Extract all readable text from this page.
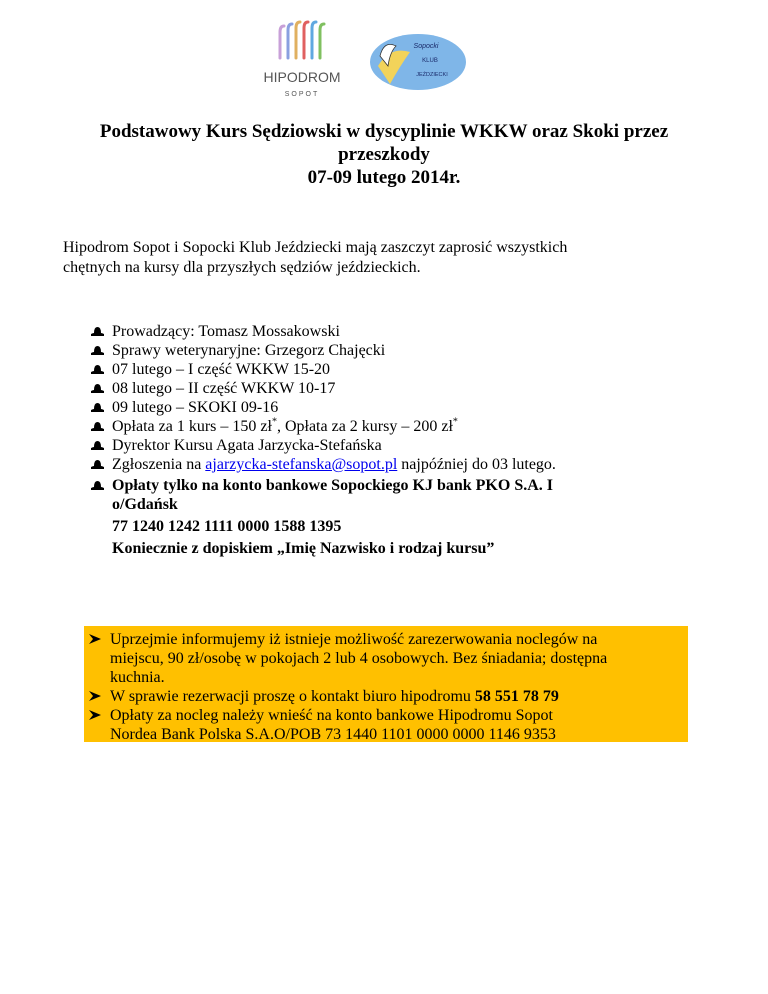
HIPODROM
SOPOT
Sopocki
KLUB
JEŹDZIECKI
Podstawowy Kurs Sędziowski w dyscyplinie WKKW oraz Skoki przez
przeszkody
07-09 lutego 2014r.

Hipodrom Sopot i Sopocki Klub Jeździecki mają zaszczyt zaprosić wszystkich
chętnych na kursy dla przyszłych sędziów jeździeckich.

Prowadzący: Tomasz Mossakowski
Sprawy weterynaryjne: Grzegorz Chajęcki
07 lutego – I część WKKW 15-20
08 lutego – II część WKKW 10-17
09 lutego – SKOKI 09-16
Opłata za 1 kurs – 150 zł*, Opłata za 2 kursy – 200 zł*
Dyrektor Kursu Agata Jarzycka-Stefańska
Zgłoszenia na ajarzycka-stefanska@sopot.pl najpóźniej do 03 lutego.
Opłaty tylko na konto bankowe Sopockiego KJ bank PKO S.A. I
o/Gdańsk
77 1240 1242 1111 0000 1588 1395
Koniecznie z dopiskiem „Imię Nazwisko i rodzaj kursu”
Uprzejmie informujemy iż istnieje możliwość zarezerwowania noclegów na
miejscu, 90 zł/osobę w pokojach 2 lub 4 osobowych. Bez śniadania; dostępna
kuchnia.
W sprawie rezerwacji proszę o kontakt biuro hipodromu 58 551 78 79
Opłaty za nocleg należy wnieść na konto bankowe Hipodromu Sopot
Nordea Bank Polska S.A.O/POB 73 1440 1101 0000 0000 1146 9353
